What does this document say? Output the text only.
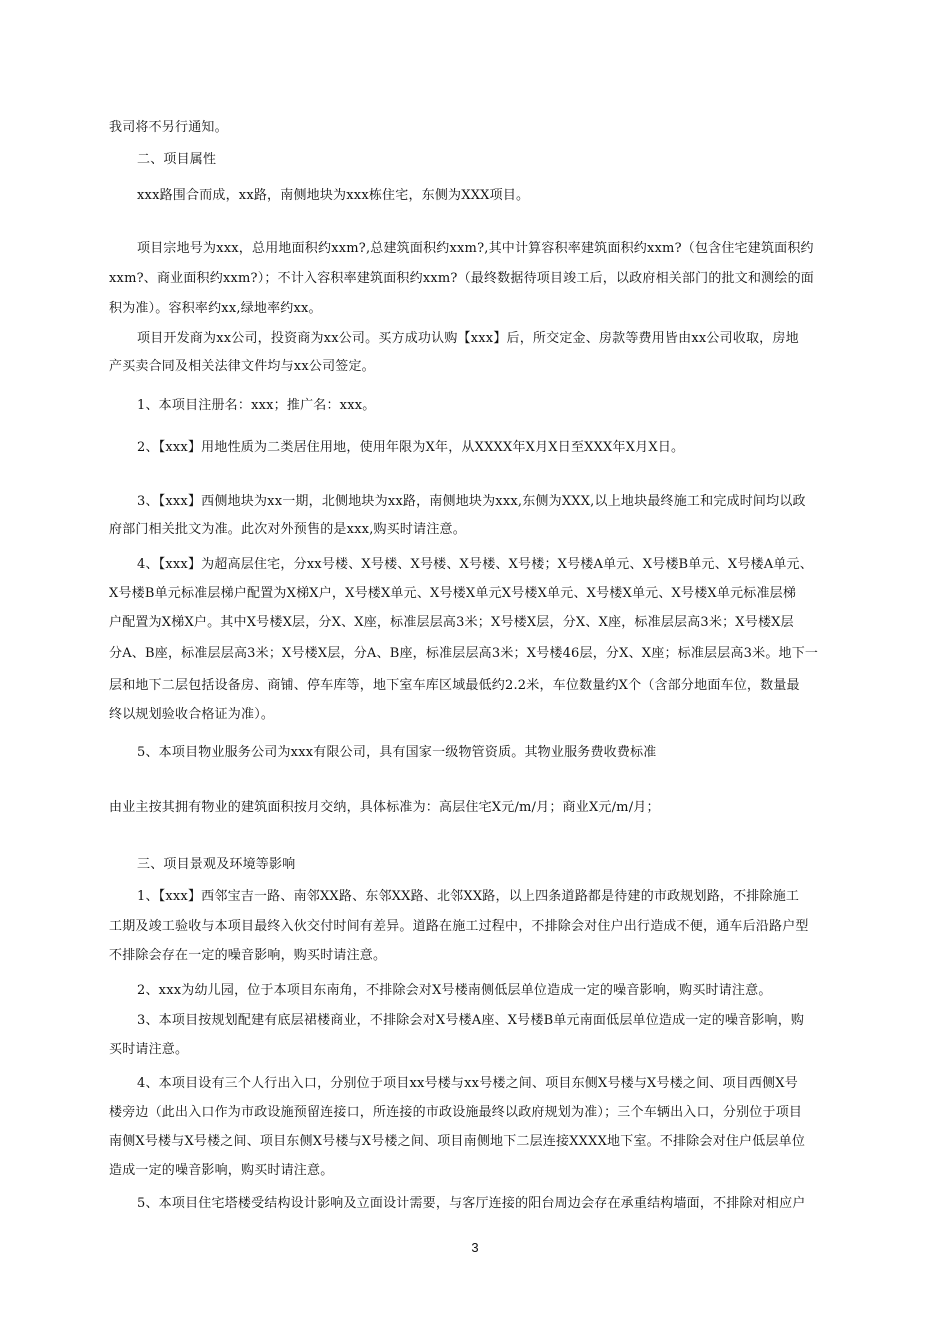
我司将不另行通知。

二、项目属性

xxx路围合而成，xx路，南侧地块为xxx栋住宅，东侧为XXX项目。

项目宗地号为xxx，总用地面积约xxm?,总建筑面积约xxm?,其中计算容积率建筑面积约xxm?（包含住宅建筑面积约

xxm?、商业面积约xxm?）；不计入容积率建筑面积约xxm?（最终数据待项目竣工后，以政府相关部门的批文和测绘的面

积为准）。容积率约xx,绿地率约xx。

项目开发商为xx公司，投资商为xx公司。买方成功认购【xxx】后，所交定金、房款等费用皆由xx公司收取，房地

产买卖合同及相关法律文件均与xx公司签定。

1、本项目注册名：xxx；推广名：xxx。

2、【xxx】用地性质为二类居住用地，使用年限为X年，从XXXX年X月X日至XXX年X月X日。

3、【xxx】西侧地块为xx一期，北侧地块为xx路，南侧地块为xxx,东侧为XXX,以上地块最终施工和完成时间均以政

府部门相关批文为准。此次对外预售的是xxx,购买时请注意。

4、【xxx】为超高层住宅，分xx号楼、X号楼、X号楼、X号楼、X号楼；X号楼A单元、X号楼B单元、X号楼A单元、

X号楼B单元标准层梯户配置为X梯X户，X号楼X单元、X号楼X单元X号楼X单元、X号楼X单元、X号楼X单元标准层梯

户配置为X梯X户。其中X号楼X层，分X、X座，标准层层高3米；X号楼X层，分X、X座，标准层层高3米；X号楼X层

分A、B座，标准层层高3米；X号楼X层，分A、B座，标准层层高3米；X号楼46层，分X、X座；标准层层高3米。地下一

层和地下二层包括设备房、商铺、停车库等，地下室车库区域最低约2.2米，车位数量约X个（含部分地面车位，数量最

终以规划验收合格证为准）。

5、本项目物业服务公司为xxx有限公司，具有国家一级物管资质。其物业服务费收费标准

由业主按其拥有物业的建筑面积按月交纳，具体标准为：高层住宅X元/m/月；商业X元/m/月；

三、项目景观及环境等影响

1、【xxx】西邻宝吉一路、南邻XX路、东邻XX路、北邻XX路，以上四条道路都是待建的市政规划路，不排除施工

工期及竣工验收与本项目最终入伙交付时间有差异。道路在施工过程中，不排除会对住户出行造成不便，通车后沿路户型

不排除会存在一定的噪音影响，购买时请注意。

2、xxx为幼儿园，位于本项目东南角，不排除会对X号楼南侧低层单位造成一定的噪音影响，购买时请注意。

3、本项目按规划配建有底层裙楼商业，不排除会对X号楼A座、X号楼B单元南面低层单位造成一定的噪音影响，购

买时请注意。

4、本项目设有三个人行出入口，分别位于项目xx号楼与xx号楼之间、项目东侧X号楼与X号楼之间、项目西侧X号

楼旁边（此出入口作为市政设施预留连接口，所连接的市政设施最终以政府规划为准）；三个车辆出入口，分别位于项目

南侧X号楼与X号楼之间、项目东侧X号楼与X号楼之间、项目南侧地下二层连接XXXX地下室。不排除会对住户低层单位

造成一定的噪音影响，购买时请注意。

5、本项目住宅塔楼受结构设计影响及立面设计需要，与客厅连接的阳台周边会存在承重结构墙面，不排除对相应户

3
